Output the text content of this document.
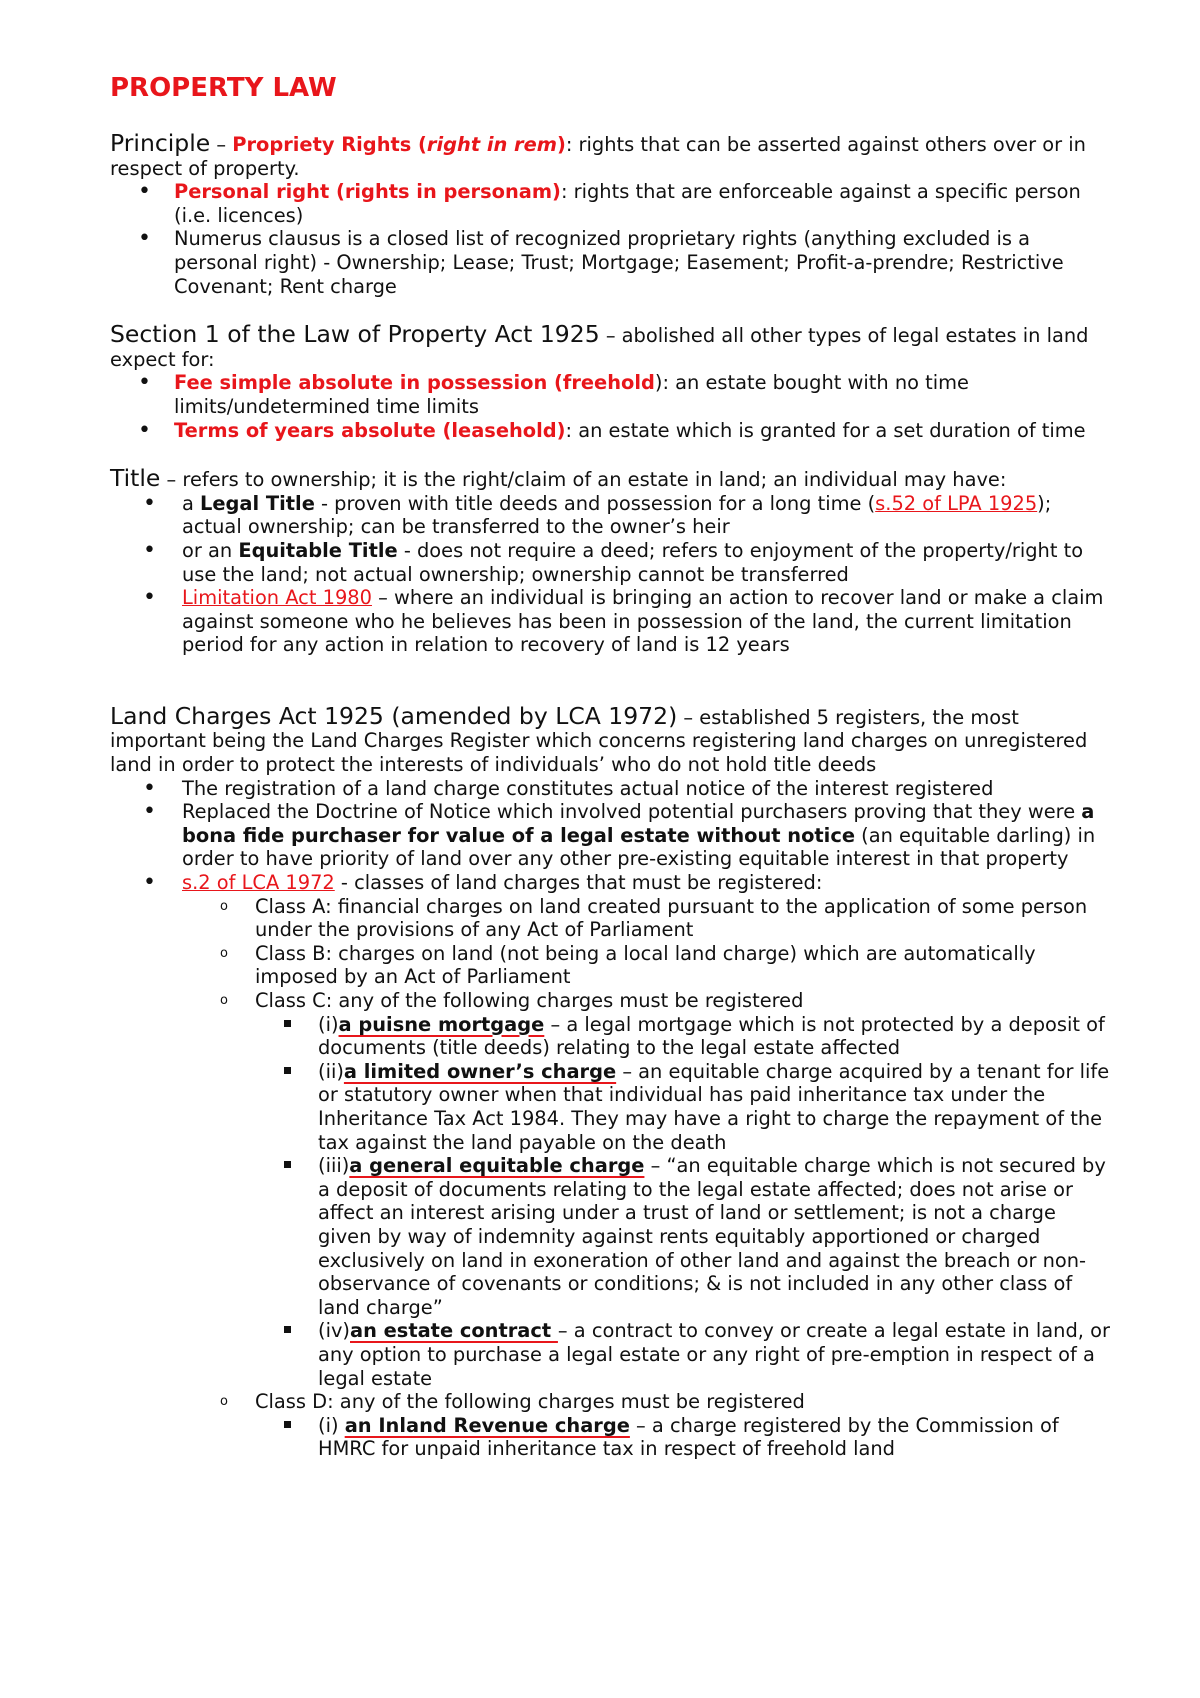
PROPERTY LAW
Principle – Propriety Rights (right in rem): rights that can be asserted against others over or in respect of property.
•
Personal right (rights in personam): rights that are enforceable against a specific person (i.e. licences)
•
Numerus clausus is a closed list of recognized proprietary rights (anything excluded is a personal right) - Ownership; Lease; Trust; Mortgage; Easement; Profit-a-prendre; Restrictive Covenant; Rent charge
Section 1 of the Law of Property Act 1925 – abolished all other types of legal estates in land expect for:
•
Fee simple absolute in possession (freehold): an estate bought with no time limits/undetermined time limits
•
Terms of years absolute (leasehold): an estate which is granted for a set duration of time
Title – refers to ownership; it is the right/claim of an estate in land; an individual may have:
•
a Legal Title - proven with title deeds and possession for a long time (s.52 of LPA 1925); actual ownership; can be transferred to the owner’s heir
•
or an Equitable Title - does not require a deed; refers to enjoyment of the property/right to use the land; not actual ownership; ownership cannot be transferred
•
Limitation Act 1980 – where an individual is bringing an action to recover land or make a claim against someone who he believes has been in possession of the land, the current limitation period for any action in relation to recovery of land is 12 years
Land Charges Act 1925 (amended by LCA 1972) – established 5 registers, the most important being the Land Charges Register which concerns registering land charges on unregistered land in order to protect the interests of individuals’ who do not hold title deeds
•
The registration of a land charge constitutes actual notice of the interest registered
•
Replaced the Doctrine of Notice which involved potential purchasers proving that they were a bona fide purchaser for value of a legal estate without notice (an equitable darling) in order to have priority of land over any other pre-existing equitable interest in that property
•
s.2 of LCA 1972 - classes of land charges that must be registered:
o Class A: financial charges on land created pursuant to the application of some person under the provisions of any Act of Parliament
o Class B: charges on land (not being a local land charge) which are automatically imposed by an Act of Parliament
o Class C: any of the following charges must be registered
(i)a puisne mortgage – a legal mortgage which is not protected by a deposit of documents (title deeds) relating to the legal estate affected
(ii)a limited owner’s charge – an equitable charge acquired by a tenant for life or statutory owner when that individual has paid inheritance tax under the Inheritance Tax Act 1984. They may have a right to charge the repayment of the tax against the land payable on the death
(iii)a general equitable charge – “an equitable charge which is not secured by a deposit of documents relating to the legal estate affected; does not arise or affect an interest arising under a trust of land or settlement; is not a charge given by way of indemnity against rents equitably apportioned or charged exclusively on land in exoneration of other land and against the breach or non-observance of covenants or conditions; & is not included in any other class of land charge”
(iv)an estate contract – a contract to convey or create a legal estate in land, or any option to purchase a legal estate or any right of pre-emption in respect of a legal estate
o Class D: any of the following charges must be registered
(i) an Inland Revenue charge – a charge registered by the Commission of HMRC for unpaid inheritance tax in respect of freehold land
